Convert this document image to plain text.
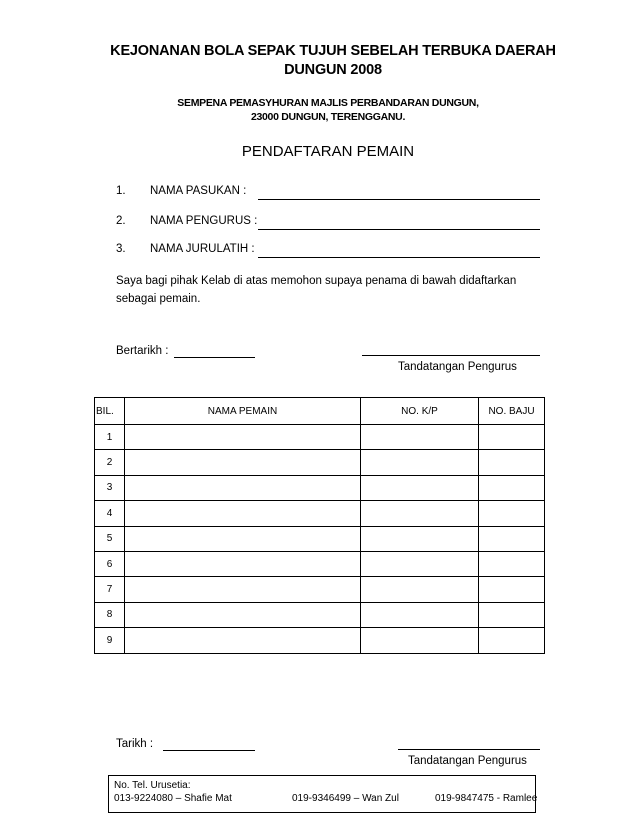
KEJONANAN BOLA SEPAK TUJUH SEBELAH TERBUKA DAERAH
DUNGUN 2008
SEMPENA PEMASYHURAN MAJLIS PERBANDARAN DUNGUN,
23000 DUNGUN, TERENGGANU.
PENDAFTARAN PEMAIN
1. NAMA PASUKAN :
2. NAMA PENGURUS :
3. NAMA JURULATIH :
Saya bagi pihak Kelab di atas memohon supaya penama di bawah didaftarkan sebagai pemain.
Bertarikh :
Tandatangan Pengurus
BIL.	NAMA PEMAIN	NO. K/P	NO. BAJU
1			
2			
3			
4			
5			
6			
7			
8			
9			
Tarikh :
Tandatangan Pengurus
No. Tel. Urusetia:
013-9224080 – Shafie Mat	019-9346499 – Wan Zul	019-9847475 - Ramlee
